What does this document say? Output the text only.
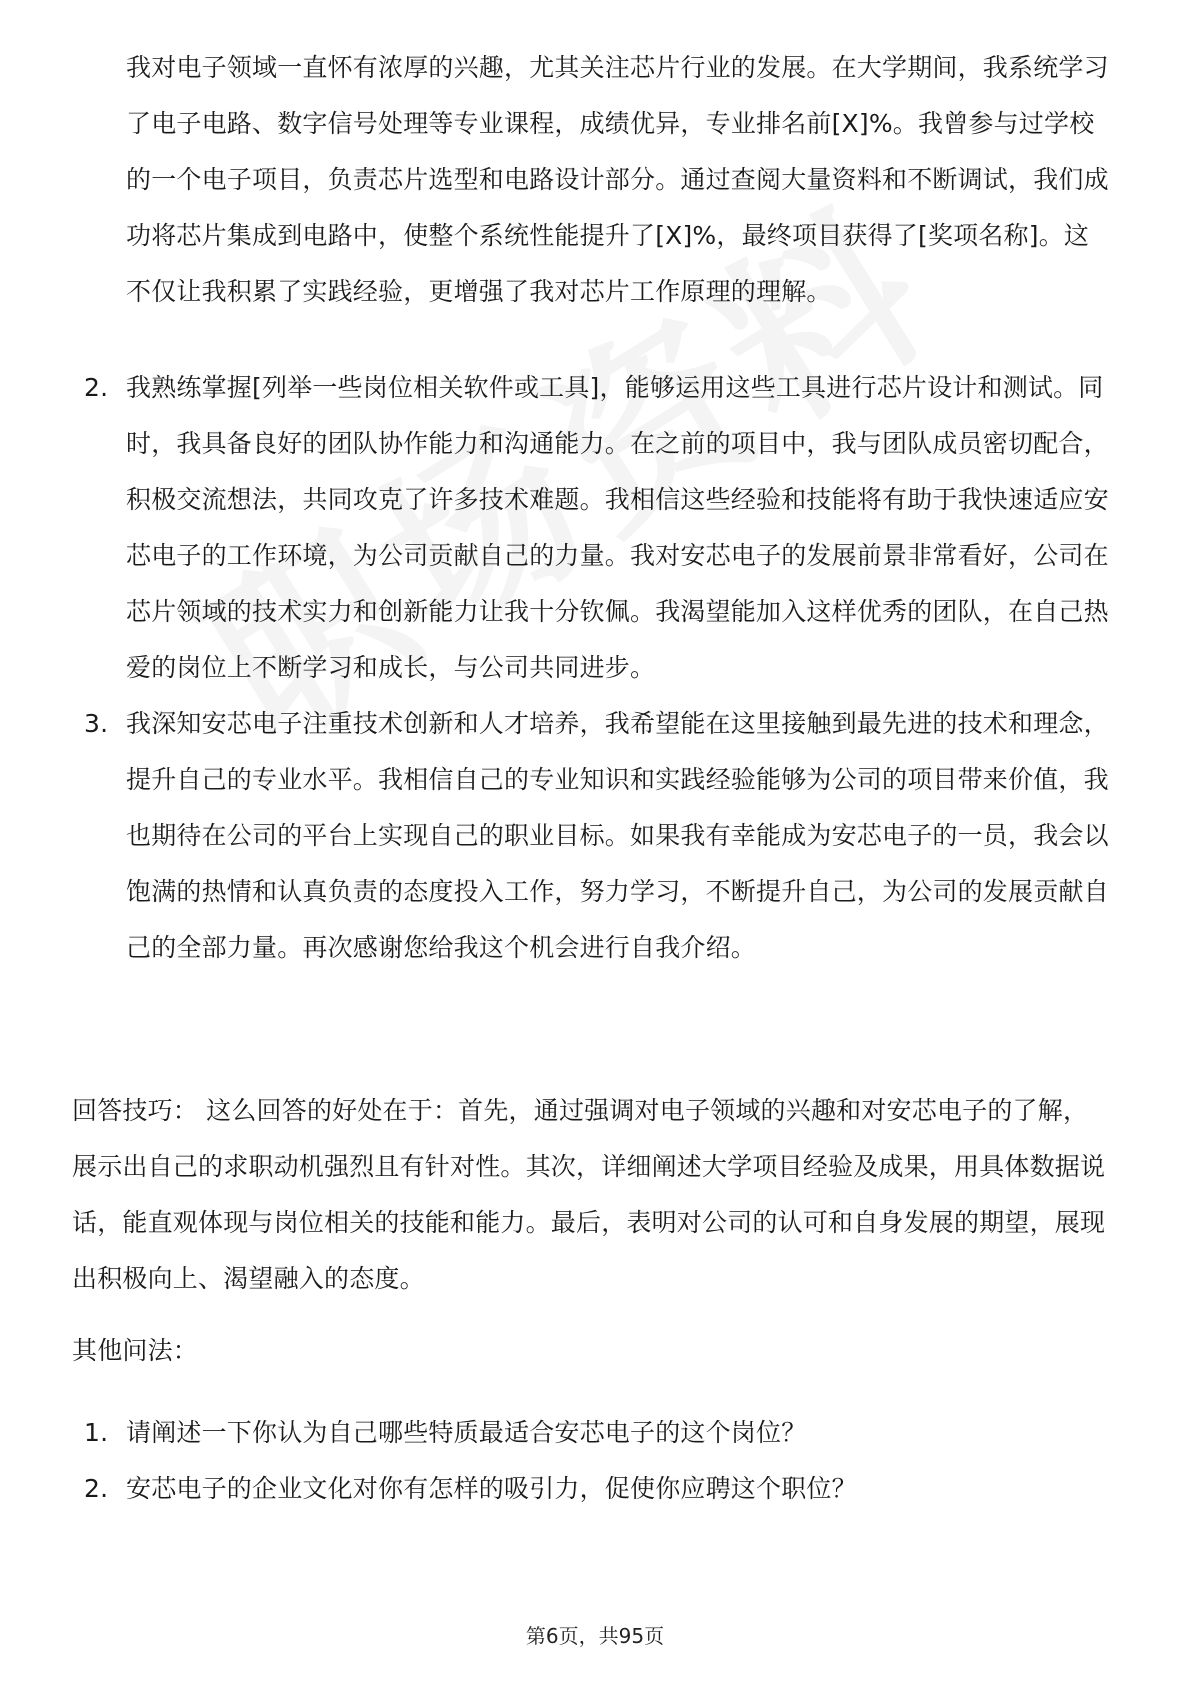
我对电子领域一直怀有浓厚的兴趣，尤其关注芯片行业的发展。在大学期间，我系统学习了电子电路、数字信号处理等专业课程，成绩优异，专业排名前[X]%。我曾参与过学校的一个电子项目，负责芯片选型和电路设计部分。通过查阅大量资料和不断调试，我们成功将芯片集成到电路中，使整个系统性能提升了[X]%，最终项目获得了[奖项名称]。这不仅让我积累了实践经验，更增强了我对芯片工作原理的理解。
2. 我熟练掌握[列举一些岗位相关软件或工具]，能够运用这些工具进行芯片设计和测试。同时，我具备良好的团队协作能力和沟通能力。在之前的项目中，我与团队成员密切配合，积极交流想法，共同攻克了许多技术难题。我相信这些经验和技能将有助于我快速适应安芯电子的工作环境，为公司贡献自己的力量。我对安芯电子的发展前景非常看好，公司在芯片领域的技术实力和创新能力让我十分钦佩。我渴望能加入这样优秀的团队，在自己热爱的岗位上不断学习和成长，与公司共同进步。
3. 我深知安芯电子注重技术创新和人才培养，我希望能在这里接触到最先进的技术和理念，提升自己的专业水平。我相信自己的专业知识和实践经验能够为公司的项目带来价值，我也期待在公司的平台上实现自己的职业目标。如果我有幸能成为安芯电子的一员，我会以饱满的热情和认真负责的态度投入工作，努力学习，不断提升自己，为公司的发展贡献自己的全部力量。再次感谢您给我这个机会进行自我介绍。
回答技巧： 这么回答的好处在于：首先，通过强调对电子领域的兴趣和对安芯电子的了解，展示出自己的求职动机强烈且有针对性。其次，详细阐述大学项目经验及成果，用具体数据说话，能直观体现与岗位相关的技能和能力。最后，表明对公司的认可和自身发展的期望，展现出积极向上、渴望融入的态度。
其他问法：
1. 请阐述一下你认为自己哪些特质最适合安芯电子的这个岗位？
2. 安芯电子的企业文化对你有怎样的吸引力，促使你应聘这个职位？
第6页，共95页
